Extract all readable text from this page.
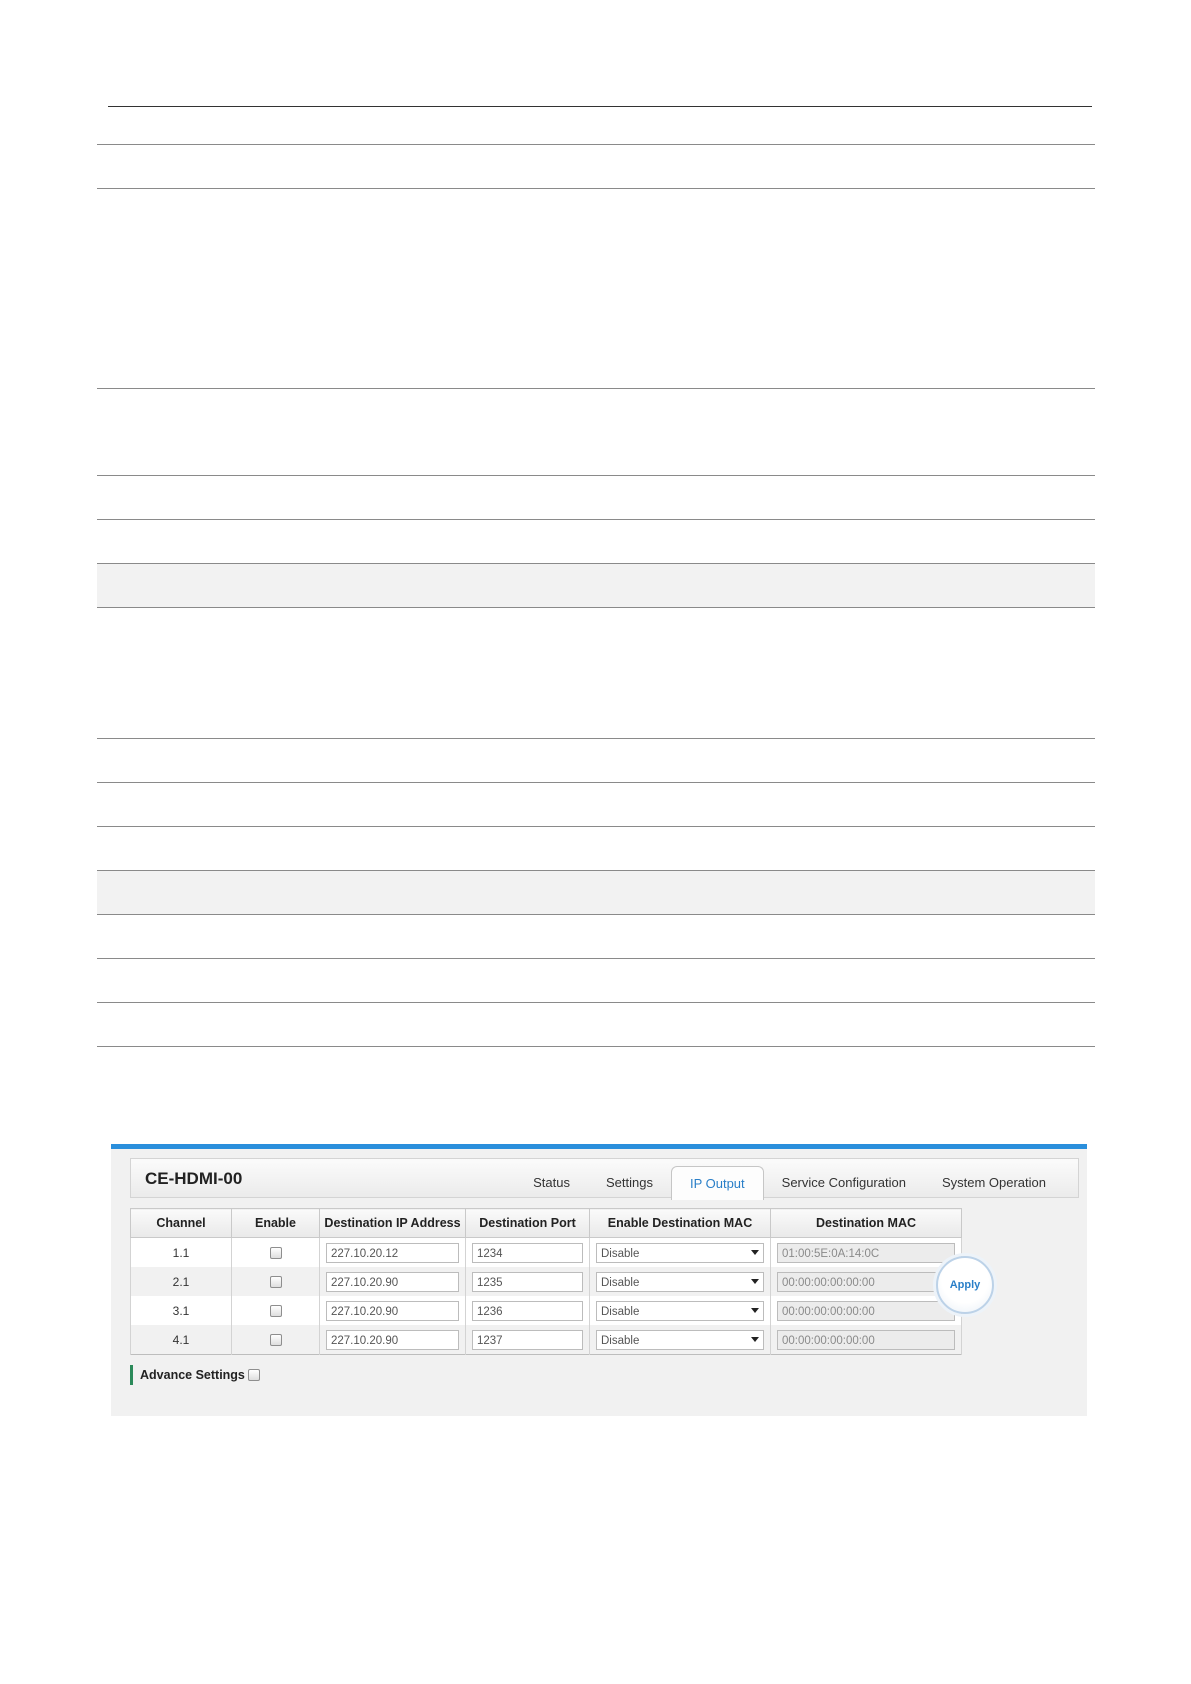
CE-HDMI-00	Status	Settings	IP Output	Service Configuration	System Operation
Channel	Enable	Destination IP Address	Destination Port	Enable Destination MAC	Destination MAC
1.1		227.10.20.12	1234	Disable	01:00:5E:0A:14:0C

2.1		227.10.20.90	1235	Disable	00:00:00:00:00:00

3.1		227.10.20.90	1236	Disable	00:00:00:00:00:00

4.1		227.10.20.90	1237	Disable	00:00:00:00:00:00
Apply
Advance Settings
